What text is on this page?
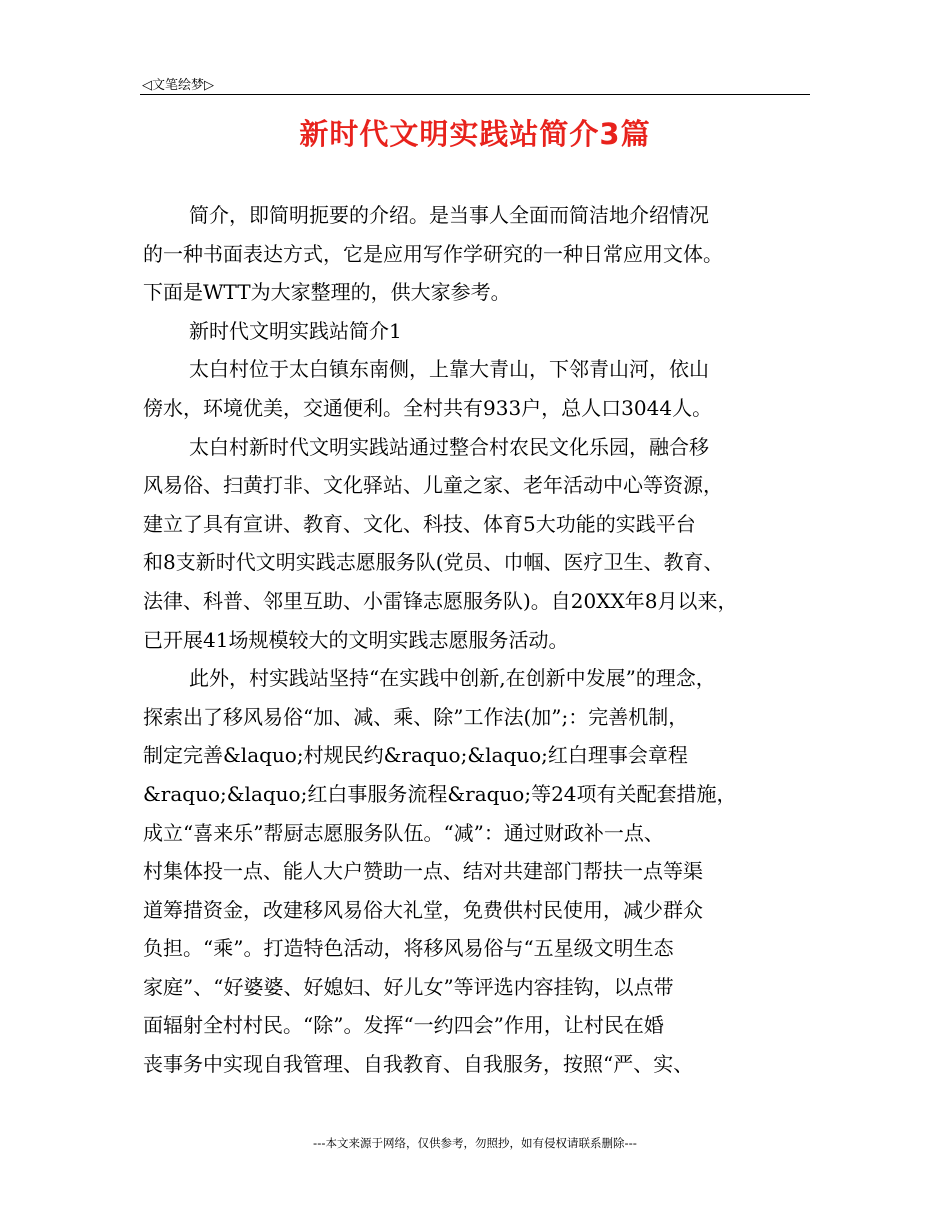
◁文笔绘梦▷
新时代文明实践站简介3篇
简介，即简明扼要的介绍。是当事人全面而简洁地介绍情况
的一种书面表达方式，它是应用写作学研究的一种日常应用文体。
下面是WTT为大家整理的，供大家参考。
新时代文明实践站简介1
太白村位于太白镇东南侧，上靠大青山，下邻青山河，依山
傍水，环境优美，交通便利。全村共有933户，总人口3044人。
太白村新时代文明实践站通过整合村农民文化乐园，融合移
风易俗、扫黄打非、文化驿站、儿童之家、老年活动中心等资源，
建立了具有宣讲、教育、文化、科技、体育5大功能的实践平台
和8支新时代文明实践志愿服务队(党员、巾帼、医疗卫生、教育、
法律、科普、邻里互助、小雷锋志愿服务队)。自20XX年8月以来，
已开展41场规模较大的文明实践志愿服务活动。
此外，村实践站坚持“在实践中创新,在创新中发展”的理念，
探索出了移风易俗“加、减、乘、除”工作法(加”;：完善机制，
制定完善&laquo;村规民约&raquo;&laquo;红白理事会章程
&raquo;&laquo;红白事服务流程&raquo;等24项有关配套措施，
成立“喜来乐”帮厨志愿服务队伍。“减”：通过财政补一点、
村集体投一点、能人大户赞助一点、结对共建部门帮扶一点等渠
道筹措资金，改建移风易俗大礼堂，免费供村民使用，减少群众
负担。“乘”。打造特色活动，将移风易俗与“五星级文明生态
家庭”、“好婆婆、好媳妇、好儿女”等评选内容挂钩，以点带
面辐射全村村民。“除”。发挥“一约四会”作用，让村民在婚
丧事务中实现自我管理、自我教育、自我服务，按照“严、实、
---本文来源于网络，仅供参考，勿照抄，如有侵权请联系删除---
